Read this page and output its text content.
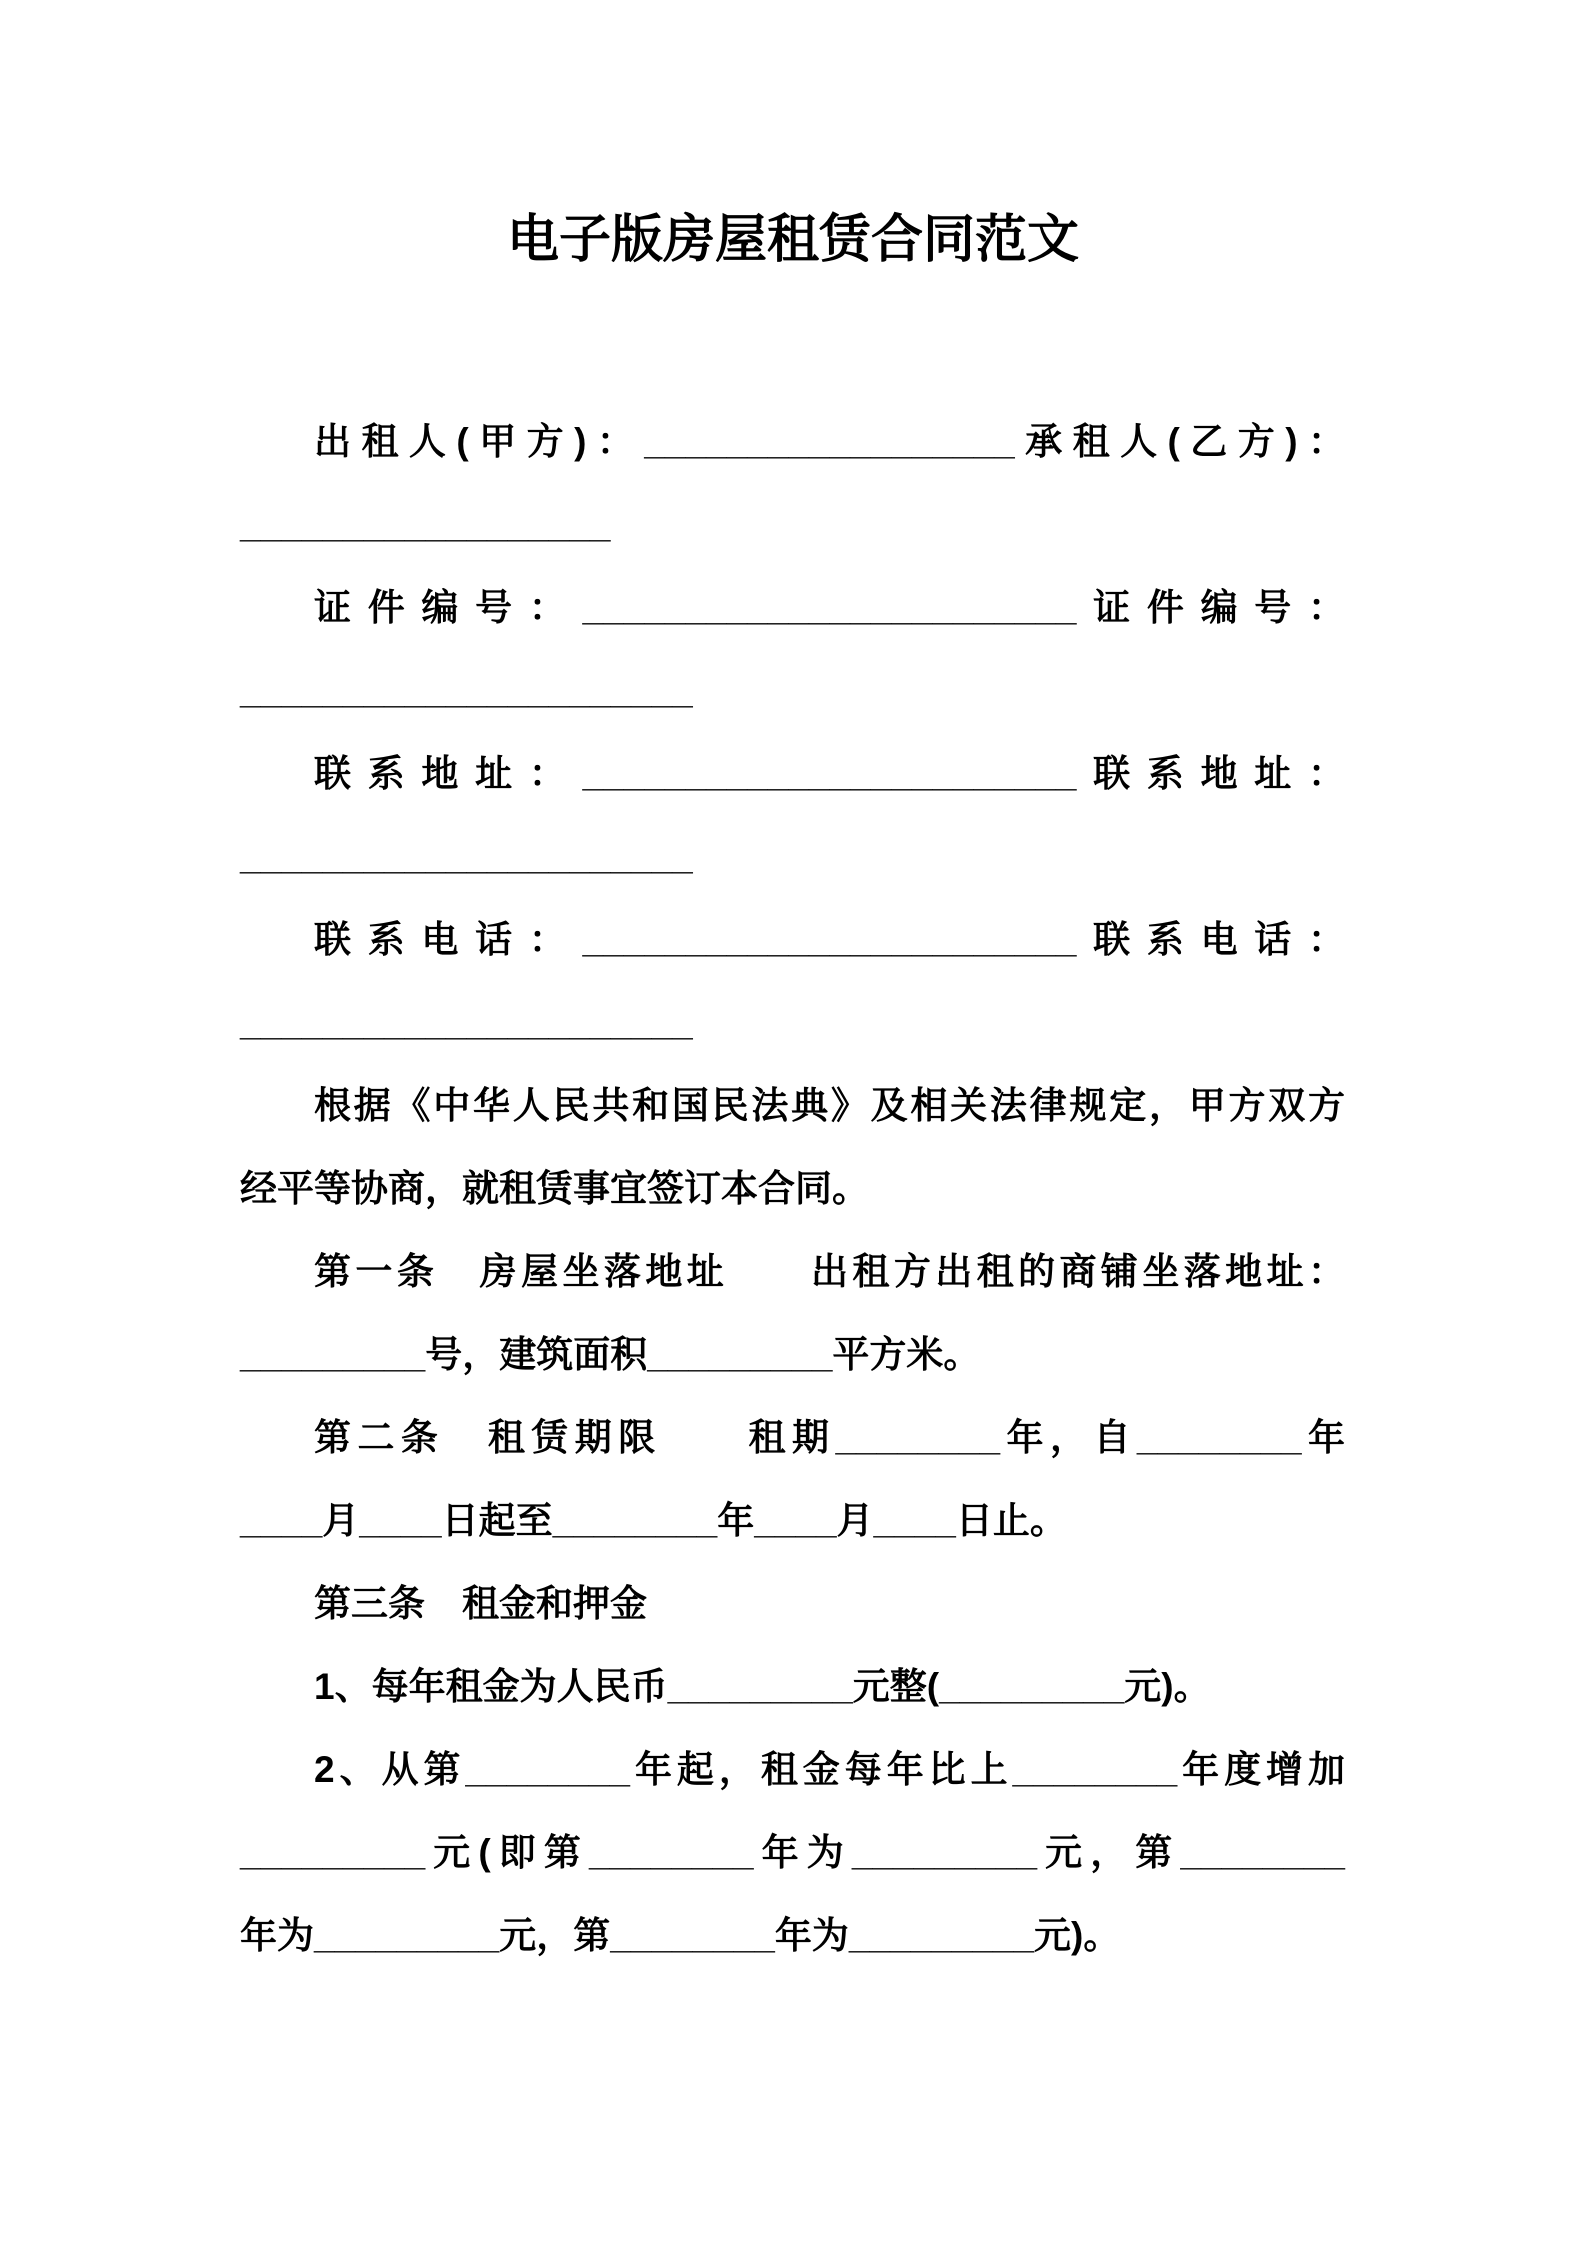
电子版房屋租赁合同范文
出租人(甲方)：__________________承租人(乙方)：
__________________
证件编号：________________________证件编号：
______________________
联系地址：________________________联系地址：
______________________
联系电话：________________________联系电话：
______________________
根据《中华人民共和国民法典》及相关法律规定，甲方双方
经平等协商，就租赁事宜签订本合同。
第一条　房屋坐落地址　　出租方出租的商铺坐落地址：
_________号，建筑面积_________平方米。
第二条　租赁期限　　租期________年，自________年
____月____日起至________年____月____日止。
第三条　租金和押金
1、每年租金为人民币_________元整(_________元)。
2、从第________年起，租金每年比上________年度增加
_________元(即第________年为_________元，第________
年为_________元，第________年为_________元)。
